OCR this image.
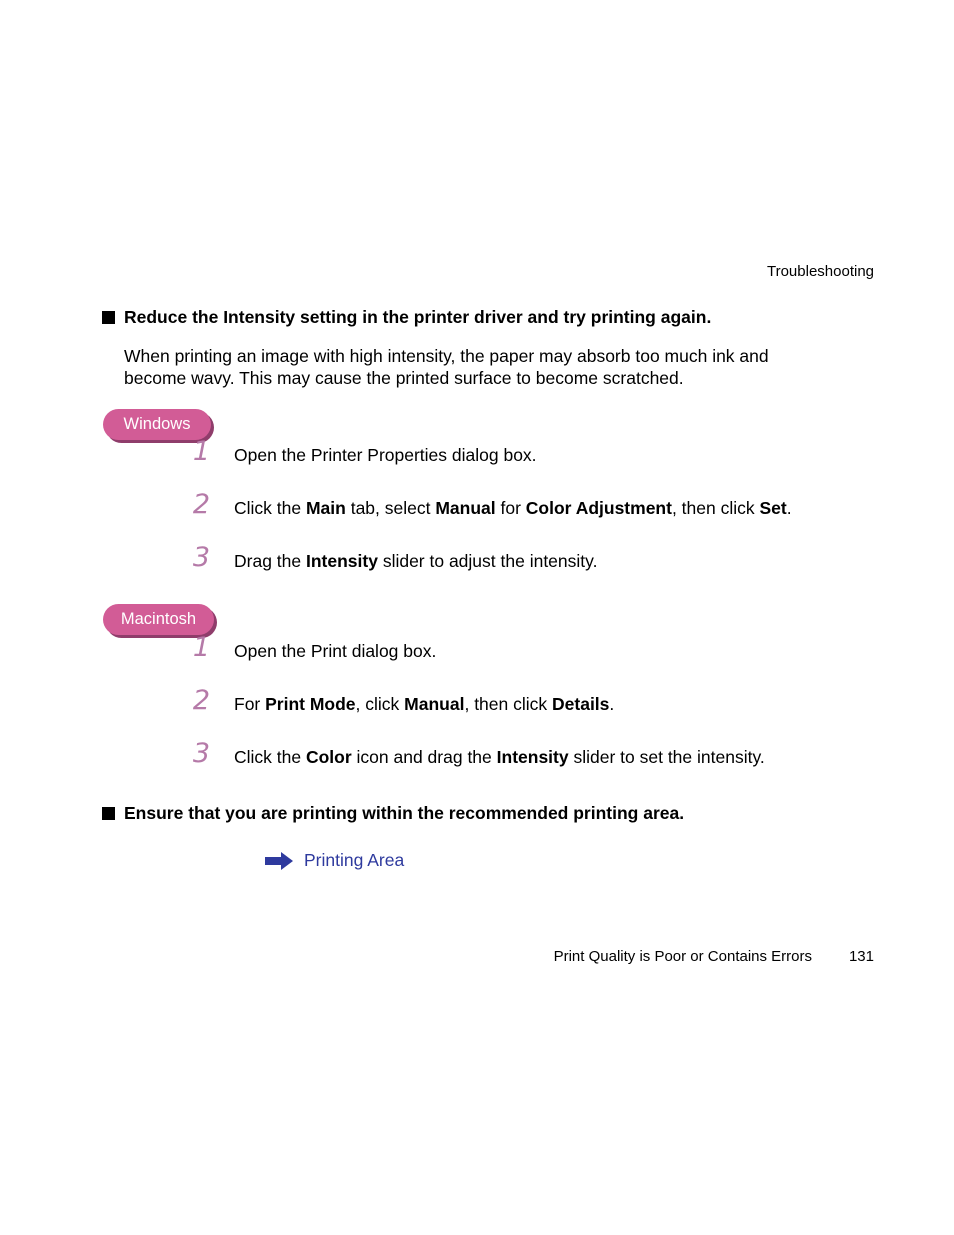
Troubleshooting
Reduce the Intensity setting in the printer driver and try printing again.
When printing an image with high intensity, the paper may absorb too much ink and
become wavy. This may cause the printed surface to become scratched.
Windows
1 Open the Printer Properties dialog box.
2 Click the Main tab, select Manual for Color Adjustment, then click Set.
3 Drag the Intensity slider to adjust the intensity.
Macintosh
1 Open the Print dialog box.
2 For Print Mode, click Manual, then click Details.
3 Click the Color icon and drag the Intensity slider to set the intensity.
Ensure that you are printing within the recommended printing area.
Printing Area
Print Quality is Poor or Contains Errors 131
